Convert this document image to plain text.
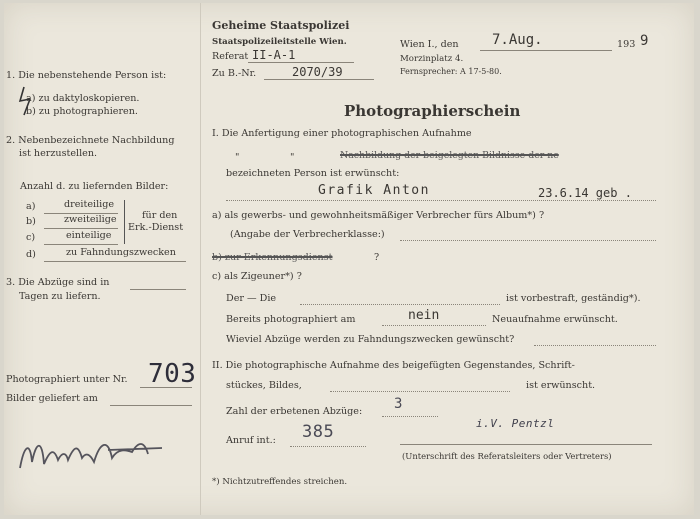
1. Die nebenstehende Person ist:
a) zu daktyloskopieren.
b) zu photographieren.
2. Nebenbezeichnete Nachbildung
ist herzustellen.
Anzahl d. zu liefernden Bilder:
a)	dreiteilige
b)	zweiteilige
c)	einteilige
für den
Erk.-Dienst
d)	zu Fahndungszwecken
3. Die Abzüge sind in
Tagen zu liefern.
Photographiert unter Nr. 703
Bilder geliefert am
Geheime Staatspolizei
Staatspolizeileitstelle Wien.
Referat II-A-1
Zu B.-Nr.	2070/39
Wien I., den 7.Aug.	193 9
Morzinplatz 4.
Fernsprecher: A 17-5-80.
Photographierschein
I. Die Anfertigung einer photographischen Aufnahme
"	"	Nachbildung der beigelegten Bildnisse der ne
bezeichneten Person ist erwünscht:
Grafik Anton	23.6.14 geb .
a) als gewerbs- und gewohnheitsmäßiger Verbrecher fürs Album*) ?
(Angabe der Verbrecherklasse:)
b) zur Erkennungsdienst	?
c) als Zigeuner*) ?
Der — Die	ist vorbestraft, geständig*).
Bereits photographiert am	nein	Neuaufnahme erwünscht.
Wieviel Abzüge werden zu Fahndungszwecken gewünscht?
II. Die photographische Aufnahme des beigefügten Gegenstandes, Schrift-
stückes, Bildes,	ist erwünscht.
Zahl der erbetenen Abzüge: 3
Anruf int.: 385	i.V. Pentzl
(Unterschrift des Referatsleiters oder Vertreters)
*) Nichtzutreffendes streichen.
